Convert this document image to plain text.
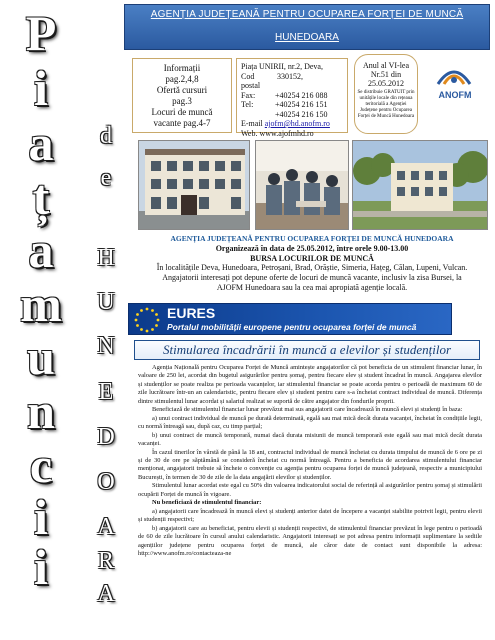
P
i
a
ț
a
m
u
n
c
i
i
d
e
H
U
N
E
D
O
A
R
A
AGENȚIA JUDEȚEANĂ PENTRU OCUPAREA FORȚEI DE MUNCĂ
HUNEDOARA
Informații
pag.2,4,8
Ofertă cursuri
pag.3
Locuri de muncă
vacante pag.4-7
Piața UNIRII, nr.2, Deva,
Cod postal

330152,
Fax:	+40254 216 088
Tel:	+40254 216 151
+40254 216 150
E-mail ajofm@hd.anofm.ro
Web. www.ajofmhd.ro
Anul al VI-lea
Nr.51 din
25.05.2012
Se distribuie GRATUIT prin unitățile locale din rețeaua teritorială a Agenției Județene pentru Ocuparea Forței de Muncă Hunedoara
ANOFM
AGENȚIA JUDEȚEANĂ PENTRU OCUPAREA FORȚEI DE MUNCĂ HUNEDOARA
Organizează în data de 25.05.2012, între orele 9.00-13.00
BURSA LOCURILOR DE MUNCĂ
În localitățile Deva, Hunedoara, Petroșani, Brad, Orăștie, Simeria, Hațeg, Călan, Lupeni, Vulcan.
Angajatorii interesați pot depune oferte de locuri de muncă vacante, inclusiv la zisa Bursei, la
AJOFM Hunedoara sau la cea mai apropiată agenție locală.
EURES
Portalul mobilității europene pentru ocuparea forței de muncă
Stimularea încadrării în muncă a elevilor și studenților

Agenția Națională pentru Ocuparea Forței de Muncă amintește angajatorilor că pot beneficia de un stimulent financiar lunar, în valoare de 250 lei, acordat din bugetul asigurărilor pentru șomaj, pentru fiecare elev și student încadrat în muncă. Angajarea elevilor și studenților se poate realiza pe perioada vacanțelor, iar stimulentul financiar se poate acorda pentru o perioadă de maximum 60 de zile lucrătoare într-un an calendaristic, pentru fiecare elev și student pentru care s-a încheiat contract individual de muncă. Diferența dintre stimulentul lunar acordat și salariul realizat se suportă de către angajator din fondurile proprii.

Beneficiază de stimulentul financiar lunar prevăzut mai sus angajatorii care încadrează în muncă elevi și studenți în baza:

a) unui contract individual de muncă pe durată determinată, egală sau mai mică decât durata vacanței, încheiat în condițiile legii, cu normă întreagă sau, după caz, cu timp parțial;

b) unui contract de muncă temporară, numai dacă durata misiunii de muncă temporară este egală sau mai mică decât durata vacanței.

În cazul tinerilor în vârstă de până la 18 ani, contractul individual de muncă încheiat cu durata timpului de muncă de 6 ore pe zi și de 30 de ore pe săptămână se consideră încheiat cu normă întreagă. Pentru a beneficia de acordarea stimulentului financiar menționat, angajatorii trebuie să încheie o convenție cu agenția pentru ocuparea forței de muncă județeană, respectiv a municipiului București, în termen de 30 de zile de la data angajării elevilor și studenților.

Stimulentul lunar acordat este egal cu 50% din valoarea indicatorului social de referință al asigurărilor pentru șomaj și stimulării ocupării Forței de muncă în vigoare.

Nu beneficiază de stimulentul financiar:

a) angajatorii care încadrează în muncă elevi și studenți anterior datei de începere a vacanței stabilite potrivit legii, pentru elevii și studenții respectivi;

b) angajatorii care au beneficiat, pentru elevii și studenții respectivi, de stimulentul financiar prevăzut în lege pentru o perioadă de 60 de zile lucrătoare în cursul anului calendaristic. Angajatorii interesați se pot adresa pentru informații suplimentare la sediile agențiilor județene pentru ocuparea forței de muncă, ale căror date de contact sunt disponibile la adresa: http://www.anofm.ro/contacteaza-ne
